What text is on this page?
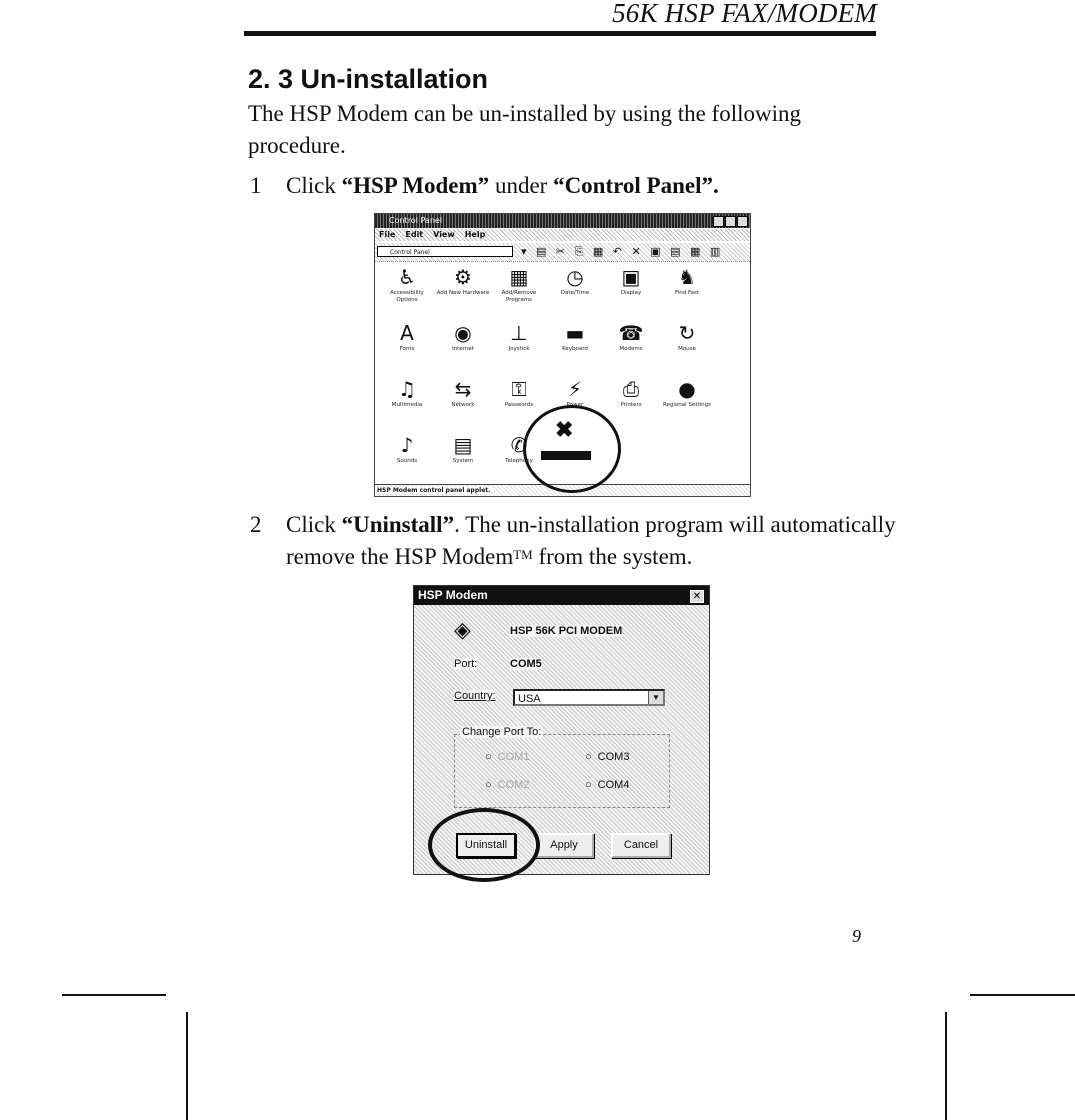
56K HSP FAX/MODEM
2. 3 Un-installation
The HSP Modem can be un-installed by using the following procedure.
1 Click “HSP Modem” under “Control Panel”.
Control Panel
File Edit View Help
Control Panel	▾ ▤ ✂ ⎘ ▦ ↶ ✕ ▣ ▤ ▦ ▥
♿
Accessibility Options
⚙
Add New Hardware
▦
Add/Remove Programs
◷
Date/Time
▣
Display
♞
Find Fast
A
Fonts
◉
Internet
⊥
Joystick
▬
Keyboard
☎
Modems
↻
Mouse
♫
Multimedia
⇆
Network
⚿
Passwords
⚡
Power
⎙
Printers
●
Regional Settings
♪
Sounds
▤
System
✆
Telephony
HSP Modem control panel applet.
✖
2 Click “Uninstall”. The un-installation program will automatically remove the HSP Modem™ from the system.
HSP Modem	✕
◈	HSP 56K PCI MODEM
Port:	COM5
Country:	USA	▼
Change Port To:
○ COM1	○ COM3
○ COM2	○ COM4
Uninstall	Apply	Cancel
9
